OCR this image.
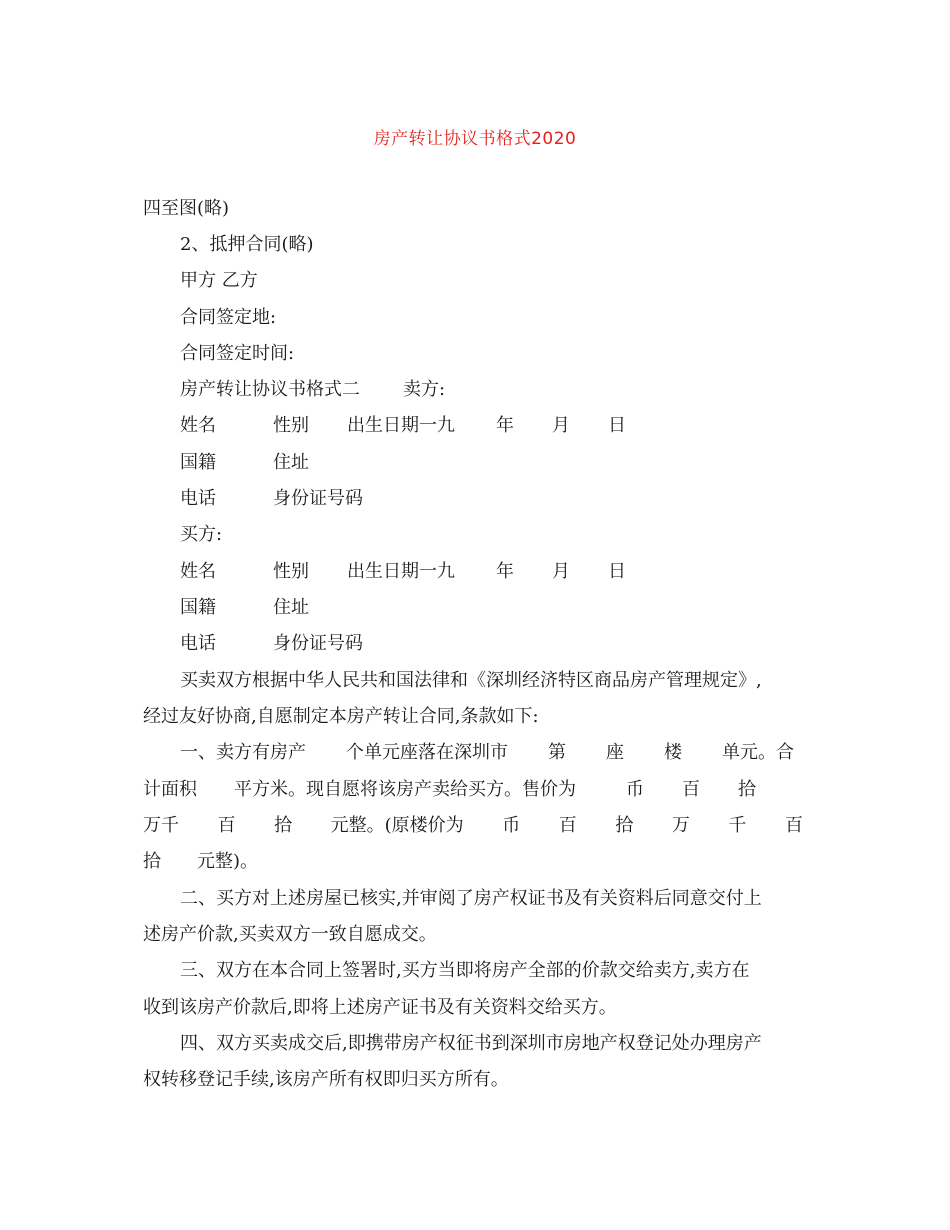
房产转让协议书格式2020
四至图(略)
2、抵押合同(略)
甲方 乙方
合同签定地:
合同签定时间:
房产转让协议书格式二 卖方:
姓名	性别 出生日期一九 年 月 日
国籍	住址
电话	身份证号码
买方:
姓名	性别 出生日期一九 年 月 日
国籍	住址
电话	身份证号码
买卖双方根据中华人民共和国法律和《深圳经济特区商品房产管理规定》,
经过友好协商,自愿制定本房产转让合同,条款如下:
一、卖方有房产 个单元座落在深圳市 第 座 楼 单元。合
计面积 平方米。现自愿将该房产卖给买方。售价为	币 百 拾
万千 百 拾 元整。(原楼价为 币 百 拾 万 千 百
拾 元整)。
二、买方对上述房屋已核实,并审阅了房产权证书及有关资料后同意交付上
述房产价款,买卖双方一致自愿成交。
三、双方在本合同上签署时,买方当即将房产全部的价款交给卖方,卖方在
收到该房产价款后,即将上述房产证书及有关资料交给买方。
四、双方买卖成交后,即携带房产权征书到深圳市房地产权登记处办理房产
权转移登记手续,该房产所有权即归买方所有。
